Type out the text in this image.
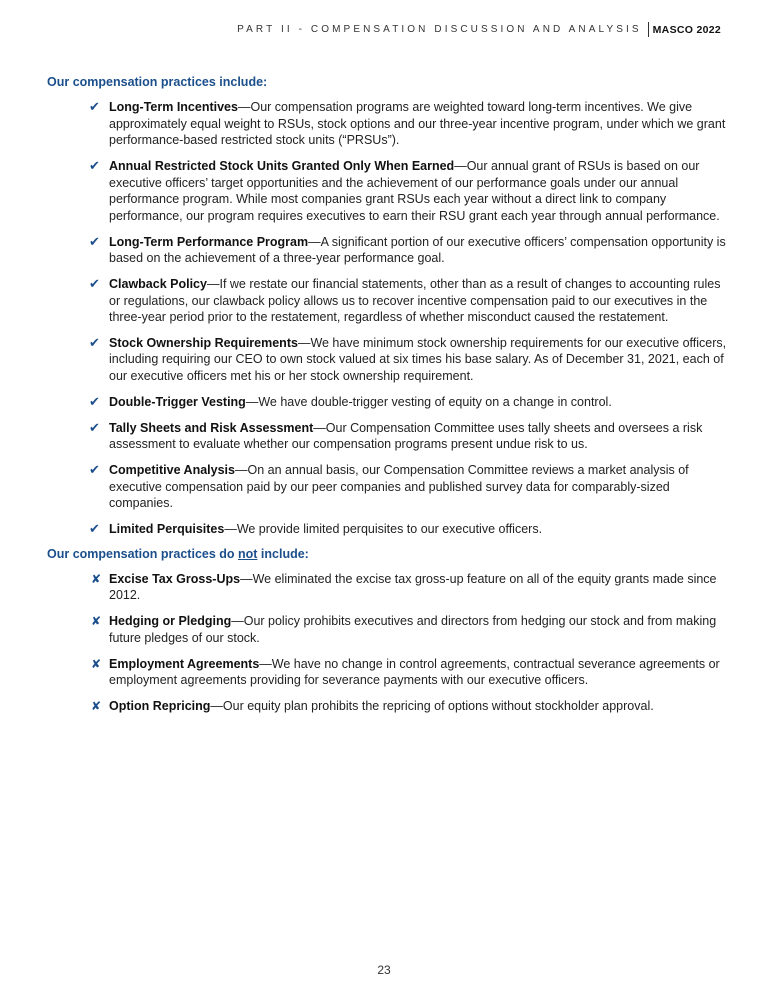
PART II - COMPENSATION DISCUSSION AND ANALYSIS	MASCO 2022
Our compensation practices include:
✔ Long-Term Incentives—Our compensation programs are weighted toward long-term incentives. We give approximately equal weight to RSUs, stock options and our three-year incentive program, under which we grant performance-based restricted stock units (“PRSUs”).
✔ Annual Restricted Stock Units Granted Only When Earned—Our annual grant of RSUs is based on our executive officers’ target opportunities and the achievement of our performance goals under our annual performance program. While most companies grant RSUs each year without a direct link to company performance, our program requires executives to earn their RSU grant each year through annual performance.
✔ Long-Term Performance Program—A significant portion of our executive officers’ compensation opportunity is based on the achievement of a three-year performance goal.
✔ Clawback Policy—If we restate our financial statements, other than as a result of changes to accounting rules or regulations, our clawback policy allows us to recover incentive compensation paid to our executives in the three-year period prior to the restatement, regardless of whether misconduct caused the restatement.
✔ Stock Ownership Requirements—We have minimum stock ownership requirements for our executive officers, including requiring our CEO to own stock valued at six times his base salary. As of December 31, 2021, each of our executive officers met his or her stock ownership requirement.
✔ Double-Trigger Vesting—We have double-trigger vesting of equity on a change in control.
✔ Tally Sheets and Risk Assessment—Our Compensation Committee uses tally sheets and oversees a risk assessment to evaluate whether our compensation programs present undue risk to us.
✔ Competitive Analysis—On an annual basis, our Compensation Committee reviews a market analysis of executive compensation paid by our peer companies and published survey data for comparably-sized companies.
✔ Limited Perquisites—We provide limited perquisites to our executive officers.
Our compensation practices do not include:
✘ Excise Tax Gross-Ups—We eliminated the excise tax gross-up feature on all of the equity grants made since 2012.
✘ Hedging or Pledging—Our policy prohibits executives and directors from hedging our stock and from making future pledges of our stock.
✘ Employment Agreements—We have no change in control agreements, contractual severance agreements or employment agreements providing for severance payments with our executive officers.
✘ Option Repricing—Our equity plan prohibits the repricing of options without stockholder approval.
23
